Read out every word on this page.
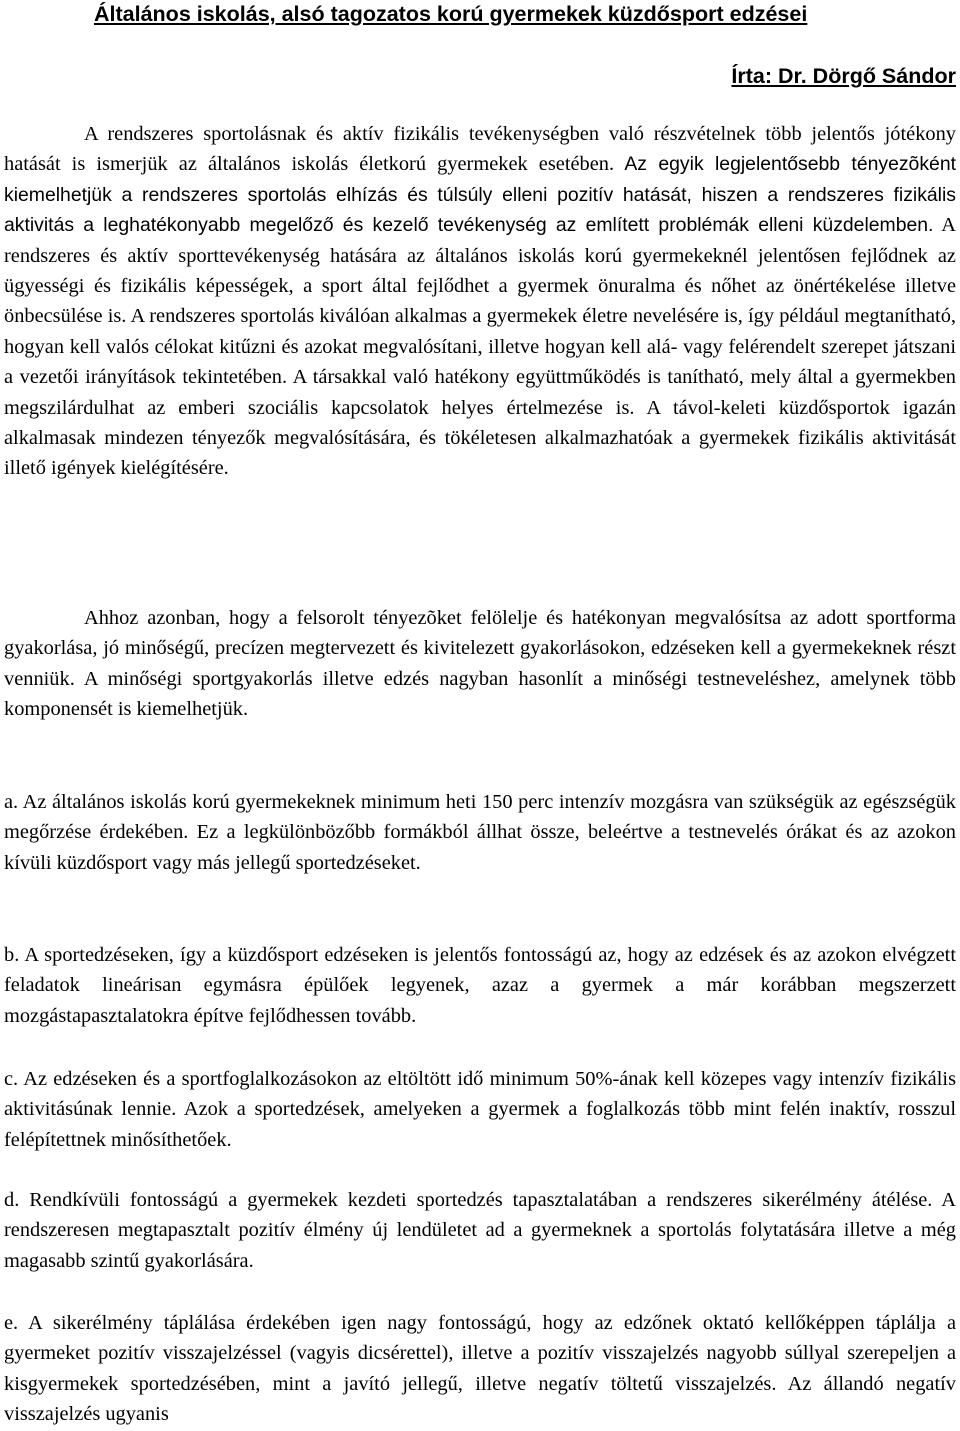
Általános iskolás, alsó tagozatos korú gyermekek küzdősport edzései
Írta: Dr. Dörgő Sándor

A rendszeres sportolásnak és aktív fizikális tevékenységben való részvételnek több jelentős jótékony hatását is ismerjük az általános iskolás életkorú gyermekek esetében. Az egyik legjelentősebb tényezõként kiemelhetjük a rendszeres sportolás elhízás és túlsúly elleni pozitív hatását, hiszen a rendszeres fizikális aktivitás a leghatékonyabb megelőző és kezelő tevékenység az említett problémák elleni küzdelemben. A rendszeres és aktív sporttevékenység hatására az általános iskolás korú gyermekeknél jelentősen fejlődnek az ügyességi és fizikális képességek, a sport által fejlődhet a gyermek önuralma és nőhet az önértékelése illetve önbecsülése is. A rendszeres sportolás kiválóan alkalmas a gyermekek életre nevelésére is, így például megtanítható, hogyan kell valós célokat kitűzni és azokat megvalósítani, illetve hogyan kell alá- vagy felérendelt szerepet játszani a vezetői irányítások tekintetében. A társakkal való hatékony együttműködés is tanítható, mely által a gyermekben megszilárdulhat az emberi szociális kapcsolatok helyes értelmezése is. A távol-keleti küzdősportok igazán alkalmasak mindezen tényezők megvalósítására, és tökéletesen alkalmazhatóak a gyermekek fizikális aktivitását illető igények kielégítésére.

Ahhoz azonban, hogy a felsorolt tényezõket felölelje és hatékonyan megvalósítsa az adott sportforma gyakorlása, jó minőségű, precízen megtervezett és kivitelezett gyakorlásokon, edzéseken kell a gyermekeknek részt venniük. A minőségi sportgyakorlás illetve edzés nagyban hasonlít a minőségi testneveléshez, amelynek több komponensét is kiemelhetjük.

a. Az általános iskolás korú gyermekeknek minimum heti 150 perc intenzív mozgásra van szükségük az egészségük megőrzése érdekében. Ez a legkülönbözőbb formákból állhat össze, beleértve a testnevelés órákat és az azokon kívüli küzdősport vagy más jellegű sportedzéseket.

b. A sportedzéseken, így a küzdősport edzéseken is jelentős fontosságú az, hogy az edzések és az azokon elvégzett feladatok lineárisan egymásra épülőek legyenek, azaz a gyermek a már korábban megszerzett mozgástapasztalatokra építve fejlődhessen tovább.

c. Az edzéseken és a sportfoglalkozásokon az eltöltött idő minimum 50%-ának kell közepes vagy intenzív fizikális aktivitásúnak lennie. Azok a sportedzések, amelyeken a gyermek a foglalkozás több mint felén inaktív, rosszul felépítettnek minősíthetőek.

d. Rendkívüli fontosságú a gyermekek kezdeti sportedzés tapasztalatában a rendszeres sikerélmény átélése. A rendszeresen megtapasztalt pozitív élmény új lendületet ad a gyermeknek a sportolás folytatására illetve a még magasabb szintű gyakorlására.

e. A sikerélmény táplálása érdekében igen nagy fontosságú, hogy az edzőnek oktató kellőképpen táplálja a gyermeket pozitív visszajelzéssel (vagyis dicsérettel), illetve a pozitív visszajelzés nagyobb súllyal szerepeljen a kisgyermekek sportedzésében, mint a javító jellegű, illetve negatív töltetű visszajelzés. Az állandó negatív visszajelzés ugyanis
